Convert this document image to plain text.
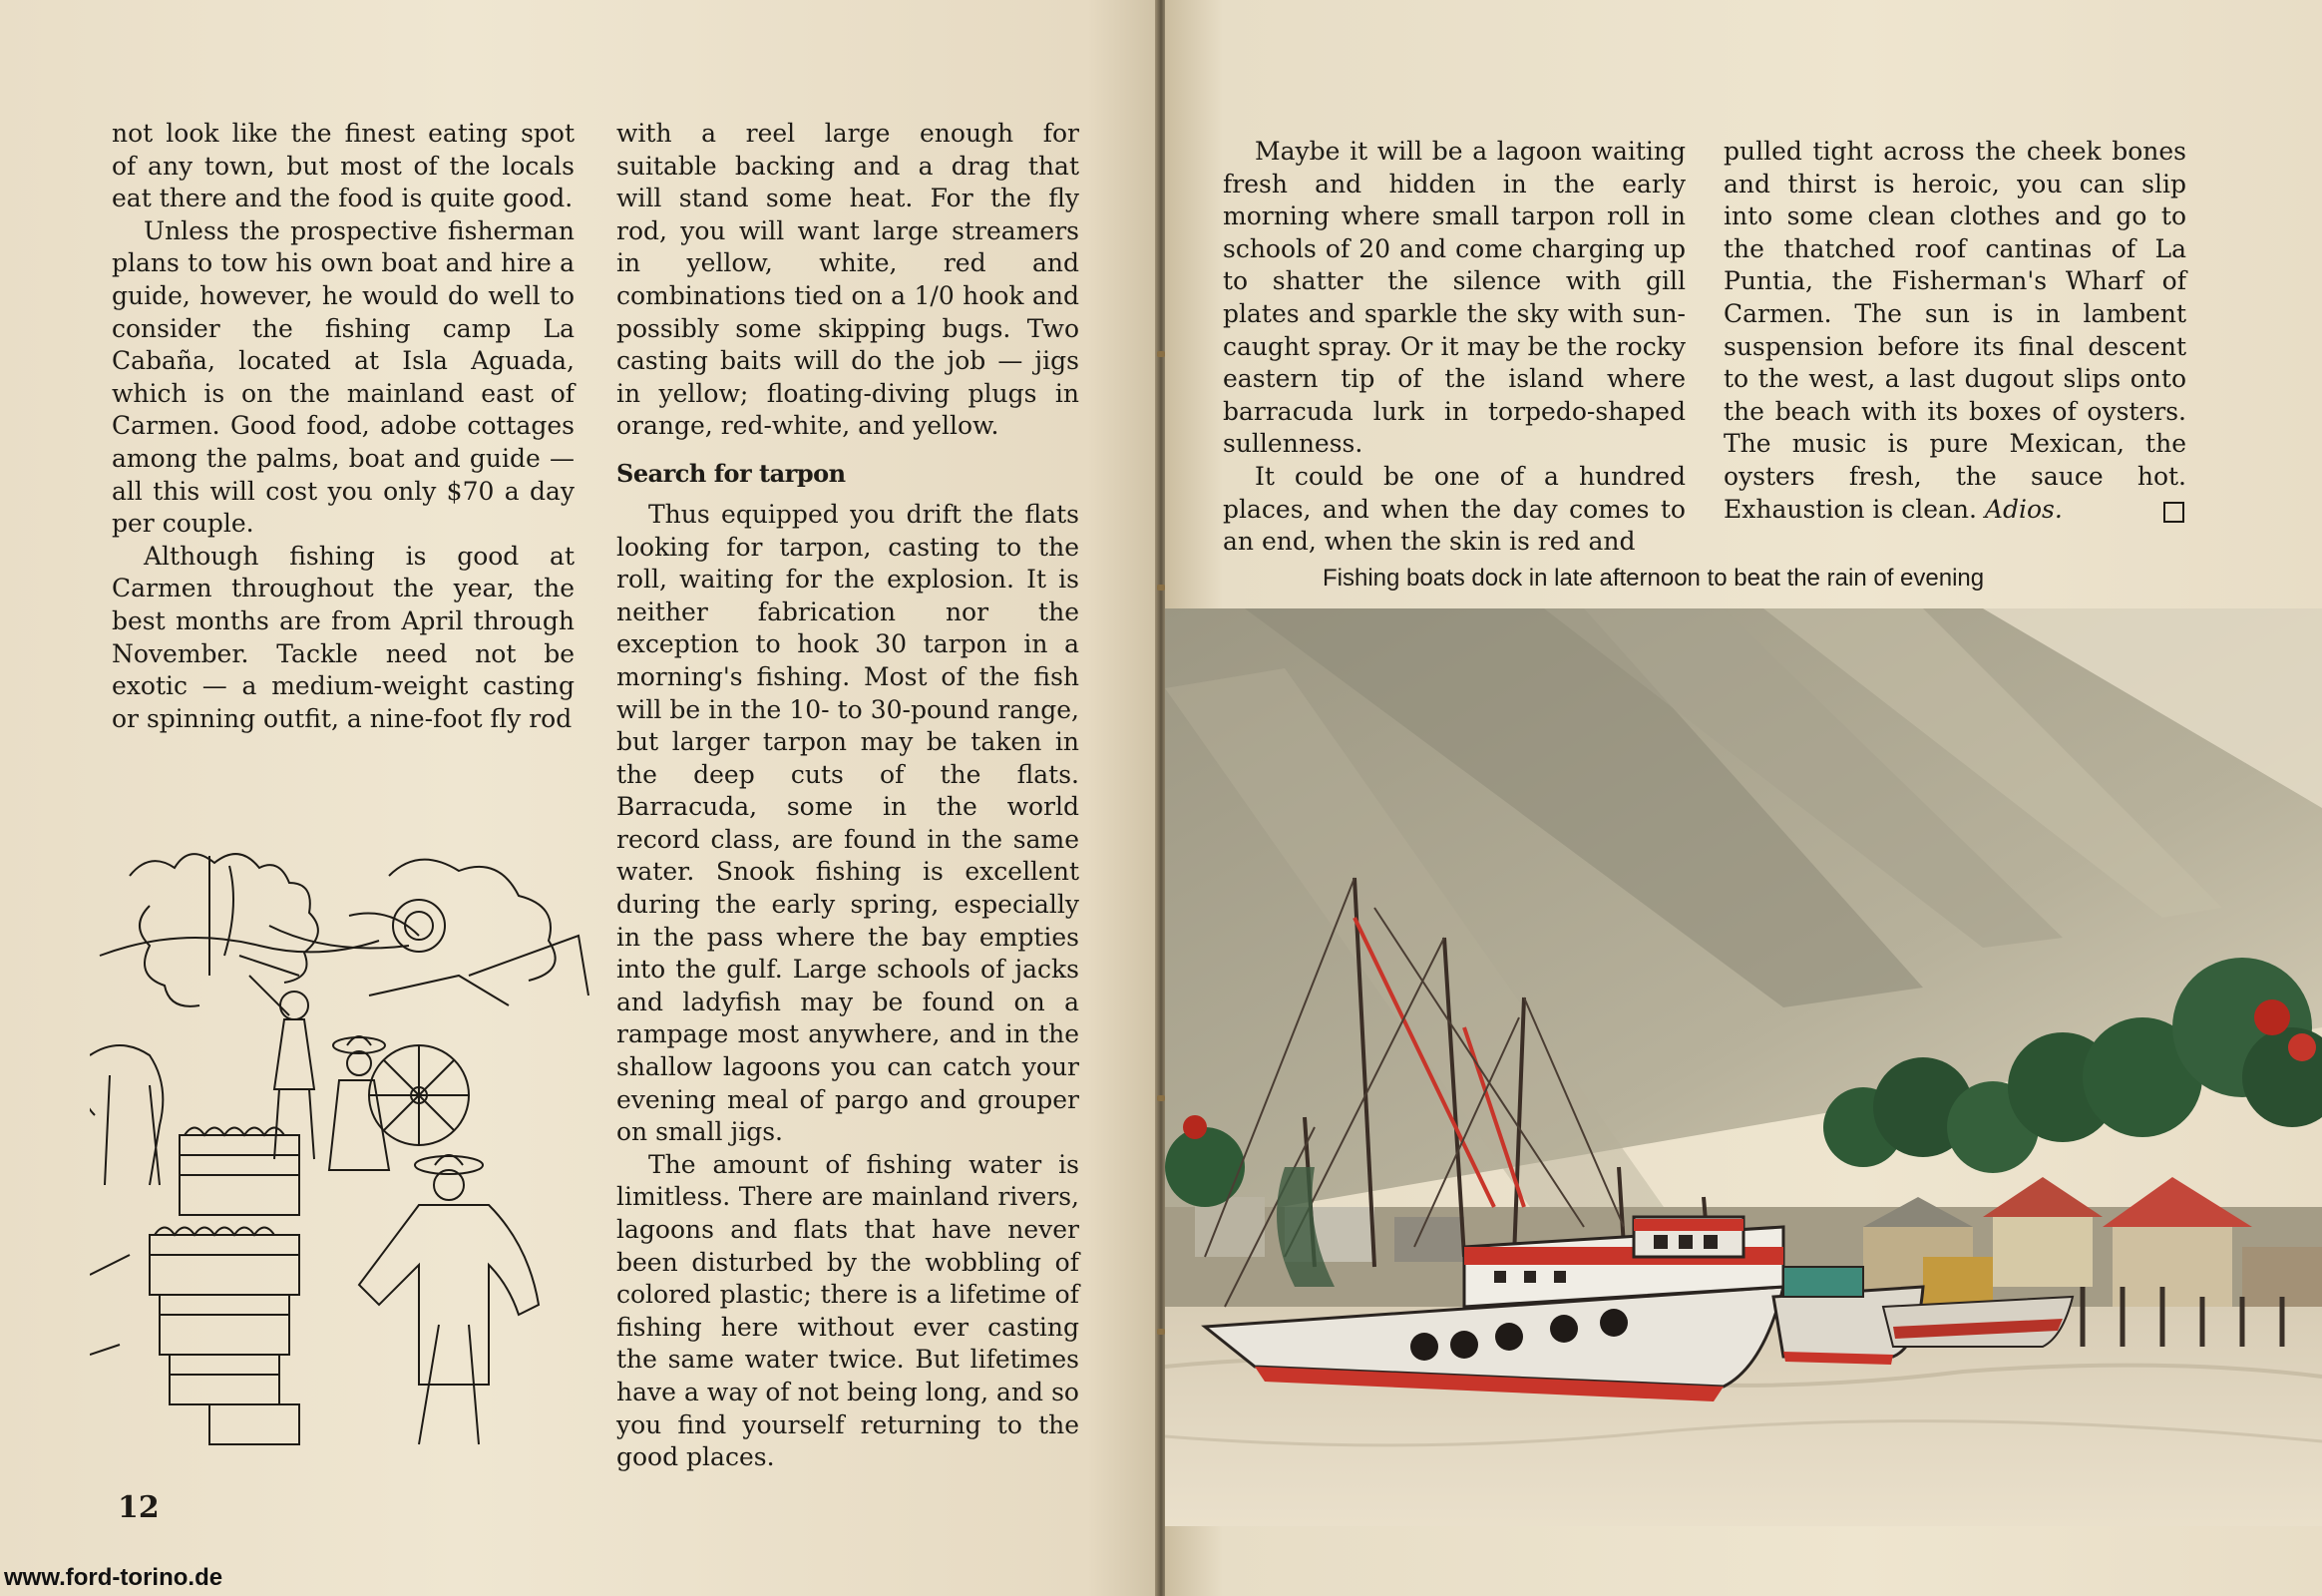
not look like the finest eating spot of any town, but most of the locals eat there and the food is quite good.

Unless the prospective fisherman plans to tow his own boat and hire a guide, however, he would do well to consider the fishing camp La Cabaña, located at Isla Aguada, which is on the mainland east of Carmen. Good food, adobe cottages among the palms, boat and guide — all this will cost you only $70 a day per couple.

Although fishing is good at Carmen throughout the year, the best months are from April through November. Tackle need not be exotic — a medium-weight casting or spinning outfit, a nine-foot fly rod

with a reel large enough for suitable backing and a drag that will stand some heat. For the fly rod, you will want large streamers in yellow, white, red and combinations tied on a 1/0 hook and possibly some skipping bugs. Two casting baits will do the job — jigs in yellow; floating-diving plugs in orange, red-white, and yellow.

Search for tarpon

Thus equipped you drift the flats looking for tarpon, casting to the roll, waiting for the explosion. It is neither fabrication nor the exception to hook 30 tarpon in a morning's fishing. Most of the fish will be in the 10- to 30-pound range, but larger tarpon may be taken in the deep cuts of the flats. Barracuda, some in the world record class, are found in the same water. Snook fishing is excellent during the early spring, especially in the pass where the bay empties into the gulf. Large schools of jacks and ladyfish may be found on a rampage most anywhere, and in the shallow lagoons you can catch your evening meal of pargo and grouper on small jigs.

The amount of fishing water is limitless. There are mainland rivers, lagoons and flats that have never been disturbed by the wobbling of colored plastic; there is a lifetime of fishing here without ever casting the same water twice. But lifetimes have a way of not being long, and so you find yourself returning to the good places.

12
www.ford-torino.de

Maybe it will be a lagoon waiting fresh and hidden in the early morning where small tarpon roll in schools of 20 and come charging up to shatter the silence with gill plates and sparkle the sky with sun-caught spray. Or it may be the rocky eastern tip of the island where barracuda lurk in torpedo-shaped sullenness.

It could be one of a hundred places, and when the day comes to an end, when the skin is red and

pulled tight across the cheek bones and thirst is heroic, you can slip into some clean clothes and go to the thatched roof cantinas of La Puntia, the Fisherman's Wharf of Carmen. The sun is in lambent suspension before its final descent to the west, a last dugout slips onto the beach with its boxes of oysters. The music is pure Mexican, the oysters fresh, the sauce hot. Exhaustion is clean. Adios.

Fishing boats dock in late afternoon to beat the rain of evening
